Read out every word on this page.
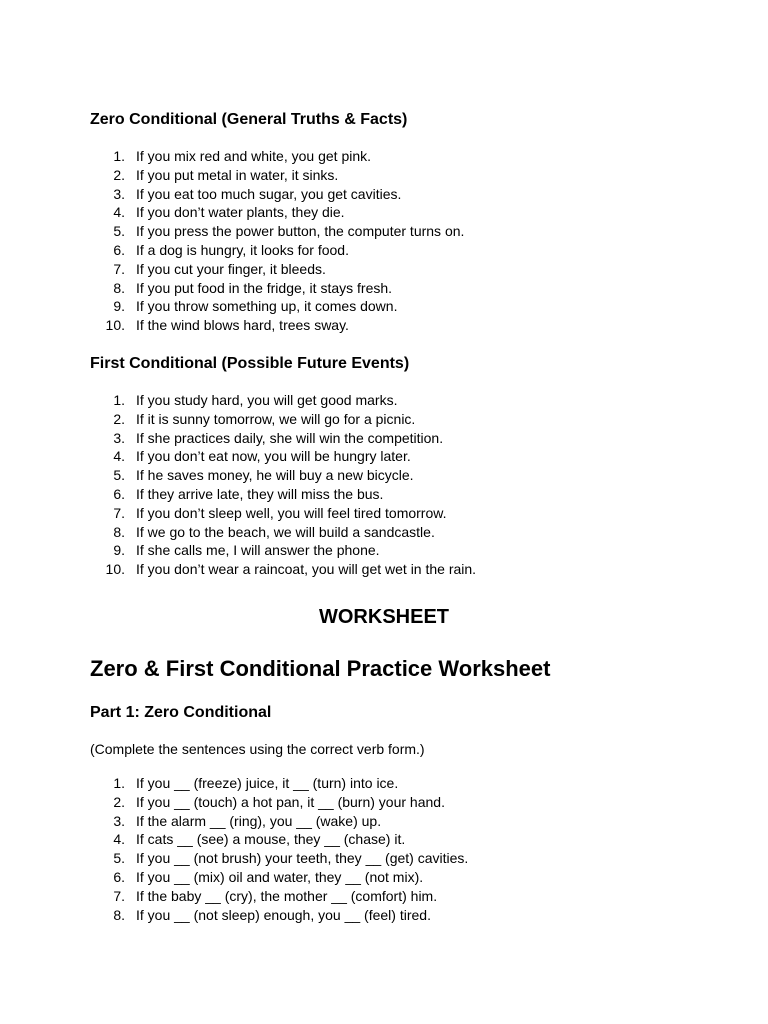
Zero Conditional (General Truths & Facts)
1. If you mix red and white, you get pink.
2. If you put metal in water, it sinks.
3. If you eat too much sugar, you get cavities.
4. If you don’t water plants, they die.
5. If you press the power button, the computer turns on.
6. If a dog is hungry, it looks for food.
7. If you cut your finger, it bleeds.
8. If you put food in the fridge, it stays fresh.
9. If you throw something up, it comes down.
10. If the wind blows hard, trees sway.
First Conditional (Possible Future Events)
1. If you study hard, you will get good marks.
2. If it is sunny tomorrow, we will go for a picnic.
3. If she practices daily, she will win the competition.
4. If you don’t eat now, you will be hungry later.
5. If he saves money, he will buy a new bicycle.
6. If they arrive late, they will miss the bus.
7. If you don’t sleep well, you will feel tired tomorrow.
8. If we go to the beach, we will build a sandcastle.
9. If she calls me, I will answer the phone.
10. If you don’t wear a raincoat, you will get wet in the rain.
WORKSHEET
Zero & First Conditional Practice Worksheet
Part 1: Zero Conditional

(Complete the sentences using the correct verb form.)

1. If you __ (freeze) juice, it __ (turn) into ice.
2. If you __ (touch) a hot pan, it __ (burn) your hand.
3. If the alarm __ (ring), you __ (wake) up.
4. If cats __ (see) a mouse, they __ (chase) it.
5. If you __ (not brush) your teeth, they __ (get) cavities.
6. If you __ (mix) oil and water, they __ (not mix).
7. If the baby __ (cry), the mother __ (comfort) him.
8. If you __ (not sleep) enough, you __ (feel) tired.
